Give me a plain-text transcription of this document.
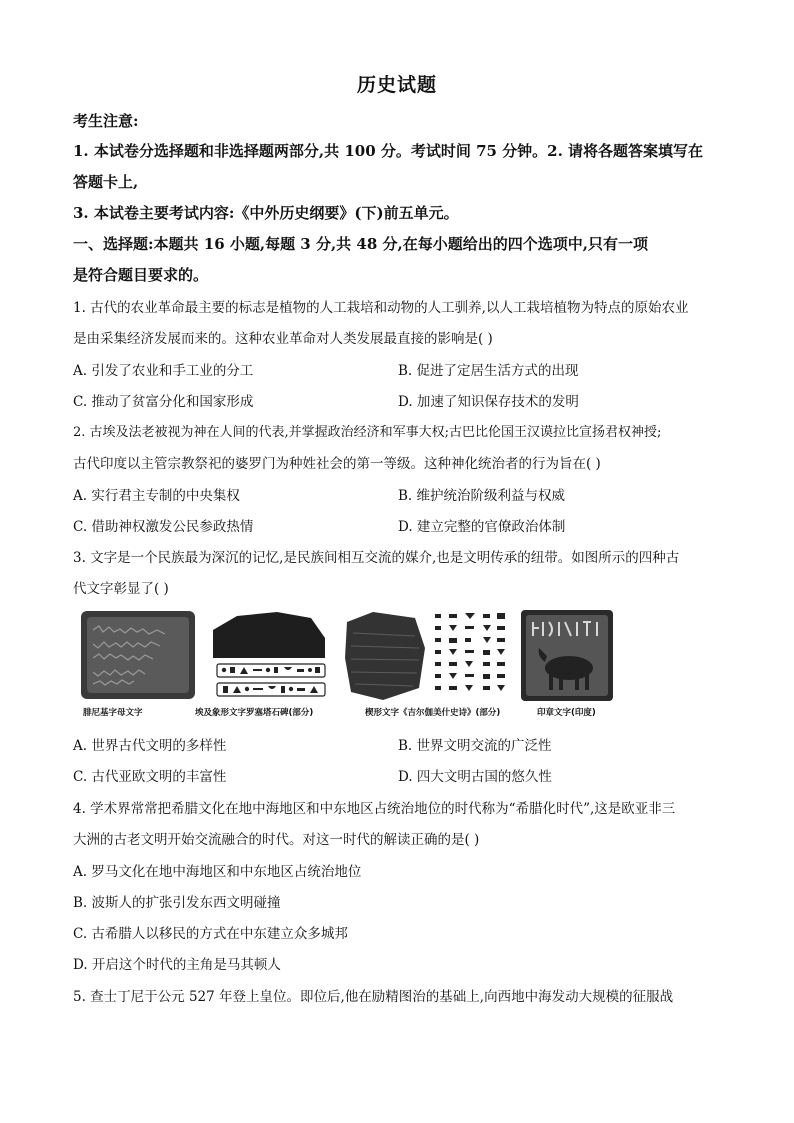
历史试题
考生注意:
1. 本试卷分选择题和非选择题两部分,共 100 分。考试时间 75 分钟。2. 请将各题答案填写在
答题卡上,
3. 本试卷主要考试内容:《中外历史纲要》(下)前五单元。
一、选择题:本题共 16 小题,每题 3 分,共 48 分,在每小题给出的四个选项中,只有一项
是符合题目要求的。
1. 古代的农业革命最主要的标志是植物的人工栽培和动物的人工驯养,以人工栽培植物为特点的原始农业
是由采集经济发展而来的。这种农业革命对人类发展最直接的影响是( )
A. 引发了农业和手工业的分工	B. 促进了定居生活方式的出现
C. 推动了贫富分化和国家形成	D. 加速了知识保存技术的发明
2. 古埃及法老被视为神在人间的代表,并掌握政治经济和军事大权;古巴比伦国王汉谟拉比宣扬君权神授;
古代印度以主管宗教祭祀的婆罗门为种姓社会的第一等级。这种神化统治者的行为旨在( )
A. 实行君主专制的中央集权	B. 维护统治阶级利益与权威
C. 借助神权激发公民参政热情	D. 建立完整的官僚政治体制
3. 文字是一个民族最为深沉的记忆,是民族间相互交流的媒介,也是文明传承的纽带。如图所示的四种古
代文字彰显了( )
腓尼基字母文字	埃及象形文字罗塞塔石碑(部分)	楔形文字《吉尔伽美什史诗》(部分)	印章文字(印度)
A. 世界古代文明的多样性	B. 世界文明交流的广泛性
C. 古代亚欧文明的丰富性	D. 四大文明古国的悠久性
4. 学术界常常把希腊文化在地中海地区和中东地区占统治地位的时代称为“希腊化时代”,这是欧亚非三
大洲的古老文明开始交流融合的时代。对这一时代的解读正确的是( )
A. 罗马文化在地中海地区和中东地区占统治地位
B. 波斯人的扩张引发东西文明碰撞
C. 古希腊人以移民的方式在中东建立众多城邦
D. 开启这个时代的主角是马其顿人
5. 查士丁尼于公元 527 年登上皇位。即位后,他在励精图治的基础上,向西地中海发动大规模的征服战
